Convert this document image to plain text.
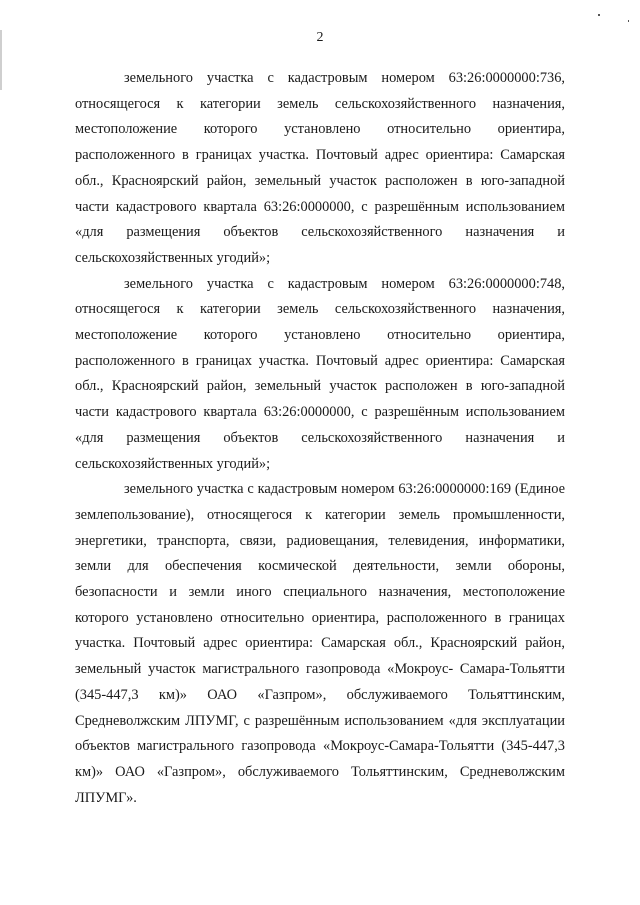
2

земельного участка с кадастровым номером 63:26:0000000:736, относящегося к категории земель сельскохозяйственного назначения, местоположение которого установлено относительно ориентира, расположенного в границах участка. Почтовый адрес ориентира: Самарская обл., Красноярский район, земельный участок расположен в юго-западной части кадастрового квартала 63:26:0000000, с разрешённым использованием «для размещения объектов сельскохозяйственного назначения и сельскохозяйственных угодий»;

земельного участка с кадастровым номером 63:26:0000000:748, относящегося к категории земель сельскохозяйственного назначения, местоположение которого установлено относительно ориентира, расположенного в границах участка. Почтовый адрес ориентира: Самарская обл., Красноярский район, земельный участок расположен в юго-западной части кадастрового квартала 63:26:0000000, с разрешённым использованием «для размещения объектов сельскохозяйственного назначения и сельскохозяйственных угодий»;

земельного участка с кадастровым номером 63:26:0000000:169 (Единое землепользование), относящегося к категории земель промышленности, энергетики, транспорта, связи, радиовещания, телевидения, информатики, земли для обеспечения космической деятельности, земли обороны, безопасности и земли иного специального назначения, местоположение которого установлено относительно ориентира, расположенного в границах участка. Почтовый адрес ориентира: Самарская обл., Красноярский район, земельный участок магистрального газопровода «Мокроус- Самара-Тольятти (345-447,3 км)» ОАО «Газпром», обслуживаемого Тольяттинским, Средневолжским ЛПУМГ, с разрешённым использованием «для эксплуатации объектов магистрального газопровода «Мокроус-Самара-Тольятти (345-447,3 км)» ОАО «Газпром», обслуживаемого Тольяттинским, Средневолжским ЛПУМГ».
